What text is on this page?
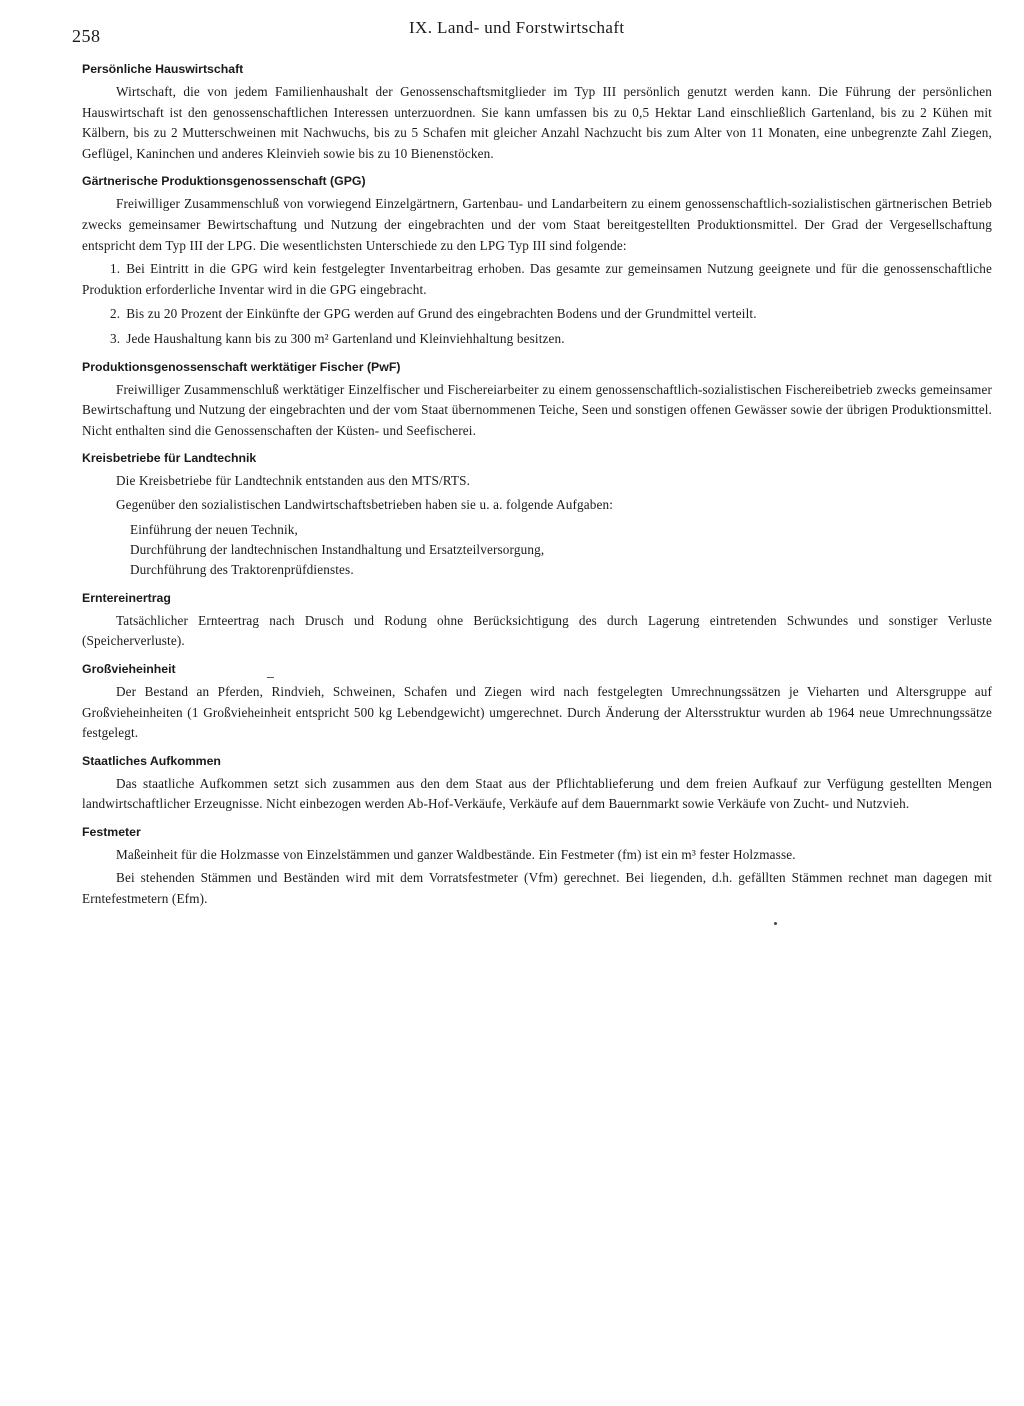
258	IX. Land- und Forstwirtschaft
Persönliche Hauswirtschaft

Wirtschaft, die von jedem Familienhaushalt der Genossenschaftsmitglieder im Typ III persönlich genutzt werden kann. Die Führung der persönlichen Hauswirtschaft ist den genossenschaftlichen Interessen unterzuordnen. Sie kann umfassen bis zu 0,5 Hektar Land einschließlich Gartenland, bis zu 2 Kühen mit Kälbern, bis zu 2 Mutterschweinen mit Nachwuchs, bis zu 5 Schafen mit gleicher Anzahl Nachzucht bis zum Alter von 11 Monaten, eine unbegrenzte Zahl Ziegen, Geflügel, Kaninchen und anderes Kleinvieh sowie bis zu 10 Bienenstöcken.

Gärtnerische Produktionsgenossenschaft (GPG)

Freiwilliger Zusammenschluß von vorwiegend Einzelgärtnern, Gartenbau- und Landarbeitern zu einem genossenschaftlich-sozialistischen gärtnerischen Betrieb zwecks gemeinsamer Bewirtschaftung und Nutzung der eingebrachten und der vom Staat bereitgestellten Produktionsmittel. Der Grad der Vergesellschaftung entspricht dem Typ III der LPG. Die wesentlichsten Unterschiede zu den LPG Typ III sind folgende:

1. Bei Eintritt in die GPG wird kein festgelegter Inventarbeitrag erhoben. Das gesamte zur gemeinsamen Nutzung geeignete und für die genossenschaftliche Produktion erforderliche Inventar wird in die GPG eingebracht.
2. Bis zu 20 Prozent der Einkünfte der GPG werden auf Grund des eingebrachten Bodens und der Grundmittel verteilt.
3. Jede Haushaltung kann bis zu 300 m² Gartenland und Kleinviehhaltung besitzen.
Produktionsgenossenschaft werktätiger Fischer (PwF)

Freiwilliger Zusammenschluß werktätiger Einzelfischer und Fischereiarbeiter zu einem genossenschaftlich-sozialistischen Fischereibetrieb zwecks gemeinsamer Bewirtschaftung und Nutzung der eingebrachten und der vom Staat übernommenen Teiche, Seen und sonstigen offenen Gewässer sowie der übrigen Produktionsmittel. Nicht enthalten sind die Genossenschaften der Küsten- und Seefischerei.

Kreisbetriebe für Landtechnik

Die Kreisbetriebe für Landtechnik entstanden aus den MTS/RTS.

Gegenüber den sozialistischen Landwirtschaftsbetrieben haben sie u. a. folgende Aufgaben:

Einführung der neuen Technik,
Durchführung der landtechnischen Instandhaltung und Ersatzteilversorgung,
Durchführung des Traktorenprüfdienstes.
Erntereinertrag

Tatsächlicher Ernteertrag nach Drusch und Rodung ohne Berücksichtigung des durch Lagerung eintretenden Schwundes und sonstiger Verluste (Speicherverluste).

Großvieheinheit

Der Bestand an Pferden, Rindvieh, Schweinen, Schafen und Ziegen wird nach festgelegten Umrechnungssätzen je Vieharten und Altersgruppe auf Großvieheinheiten (1 Großvieheinheit entspricht 500 kg Lebendgewicht) umgerechnet. Durch Änderung der Altersstruktur wurden ab 1964 neue Umrechnungssätze festgelegt.

Staatliches Aufkommen

Das staatliche Aufkommen setzt sich zusammen aus den dem Staat aus der Pflichtablieferung und dem freien Aufkauf zur Verfügung gestellten Mengen landwirtschaftlicher Erzeugnisse. Nicht einbezogen werden Ab-Hof-Verkäufe, Verkäufe auf dem Bauernmarkt sowie Verkäufe von Zucht- und Nutzvieh.

Festmeter

Maßeinheit für die Holzmasse von Einzelstämmen und ganzer Waldbestände. Ein Festmeter (fm) ist ein m³ fester Holzmasse.

Bei stehenden Stämmen und Beständen wird mit dem Vorratsfestmeter (Vfm) gerechnet. Bei liegenden, d.h. gefällten Stämmen rechnet man dagegen mit Erntefestmetern (Efm).
